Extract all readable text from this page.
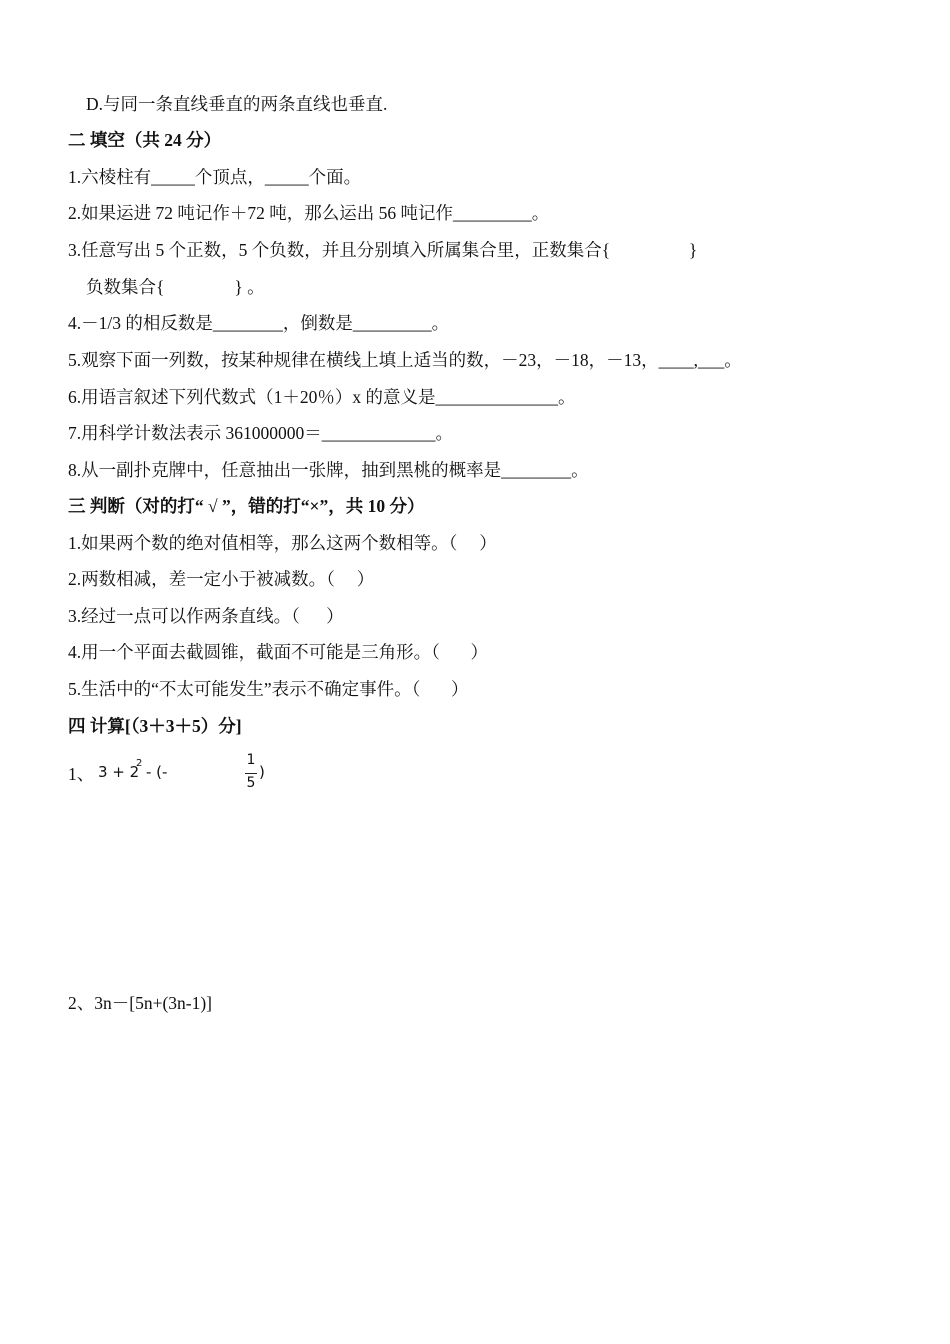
D.与同一条直线垂直的两条直线也垂直.
二 填空（共 24 分）
1.六棱柱有_____个顶点，_____个面。
2.如果运进 72 吨记作＋72 吨，那么运出 56 吨记作_________。
3.任意写出 5 个正数，5 个负数，并且分别填入所属集合里，正数集合{                  }
负数集合{                } 。
4.－1/3 的相反数是________，倒数是_________。
5.观察下面一列数，按某种规律在横线上填上适当的数，－23，－18，－13，____,___。
6.用语言叙述下列代数式（1＋20％）x 的意义是______________。
7.用科学计数法表示 361000000＝_____________。
8.从一副扑克牌中，任意抽出一张牌，抽到黑桃的概率是________。
三 判断（对的打“ √ ”，错的打“×”，共 10 分）
1.如果两个数的绝对值相等，那么这两个数相等。（     ）
2.两数相减，差一定小于被减数。（     ）
3.经过一点可以作两条直线。（      ）
4.用一个平面去截圆锥，截面不可能是三角形。（       ）
5.生活中的“不太可能发生”表示不确定事件。（       ）
四 计算[（3＋3＋5）分]
1、 3 + 2
2 - (-

1

5

)
2、3n－[5n+(3n-1)]
